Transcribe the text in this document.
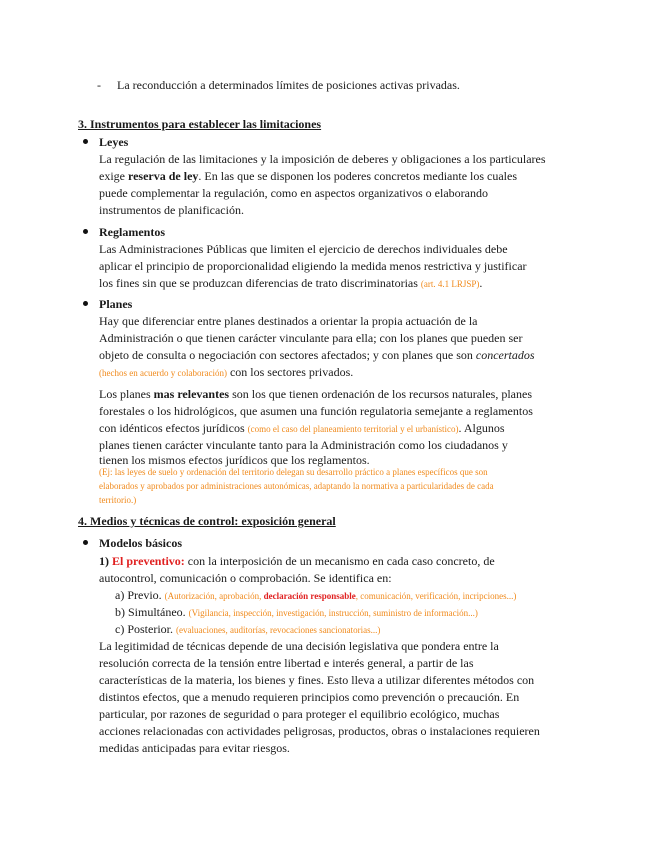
- La reconducción a determinados límites de posiciones activas privadas.
3. Instrumentos para establecer las limitaciones
Leyes
La regulación de las limitaciones y la imposición de deberes y obligaciones a los particulares
exige reserva de ley. En las que se disponen los poderes concretos mediante los cuales
puede complementar la regulación, como en aspectos organizativos o elaborando
instrumentos de planificación.
Reglamentos
Las Administraciones Públicas que limiten el ejercicio de derechos individuales debe
aplicar el principio de proporcionalidad eligiendo la medida menos restrictiva y justificar
los fines sin que se produzcan diferencias de trato discriminatorias (art. 4.1 LRJSP).
Planes
Hay que diferenciar entre planes destinados a orientar la propia actuación de la
Administración o que tienen carácter vinculante para ella; con los planes que pueden ser
objeto de consulta o negociación con sectores afectados; y con planes que son concertados
(hechos en acuerdo y colaboración) con los sectores privados.
Los planes mas relevantes son los que tienen ordenación de los recursos naturales, planes
forestales o los hidrológicos, que asumen una función regulatoria semejante a reglamentos
con idénticos efectos jurídicos (como el caso del planeamiento territorial y el urbanístico). Algunos
planes tienen carácter vinculante tanto para la Administración como los ciudadanos y
tienen los mismos efectos jurídicos que los reglamentos.
(Ej: las leyes de suelo y ordenación del territorio delegan su desarrollo práctico a planes específicos que son
elaborados y aprobados por administraciones autonómicas, adaptando la normativa a particularidades de cada
territorio.)
4. Medios y técnicas de control: exposición general
Modelos básicos
1) El preventivo: con la interposición de un mecanismo en cada caso concreto, de
autocontrol, comunicación o comprobación. Se identifica en:
a) Previo. (Autorización, aprobación, declaración responsable, comunicación, verificación, incripciones...)
b) Simultáneo. (Vigilancia, inspección, investigación, instrucción, suministro de información...)
c) Posterior. (evaluaciones, auditorías, revocaciones sancionatorias...)
La legitimidad de técnicas depende de una decisión legislativa que pondera entre la
resolución correcta de la tensión entre libertad e interés general, a partir de las
características de la materia, los bienes y fines. Esto lleva a utilizar diferentes métodos con
distintos efectos, que a menudo requieren principios como prevención o precaución. En
particular, por razones de seguridad o para proteger el equilibrio ecológico, muchas
acciones relacionadas con actividades peligrosas, productos, obras o instalaciones requieren
medidas anticipadas para evitar riesgos.
